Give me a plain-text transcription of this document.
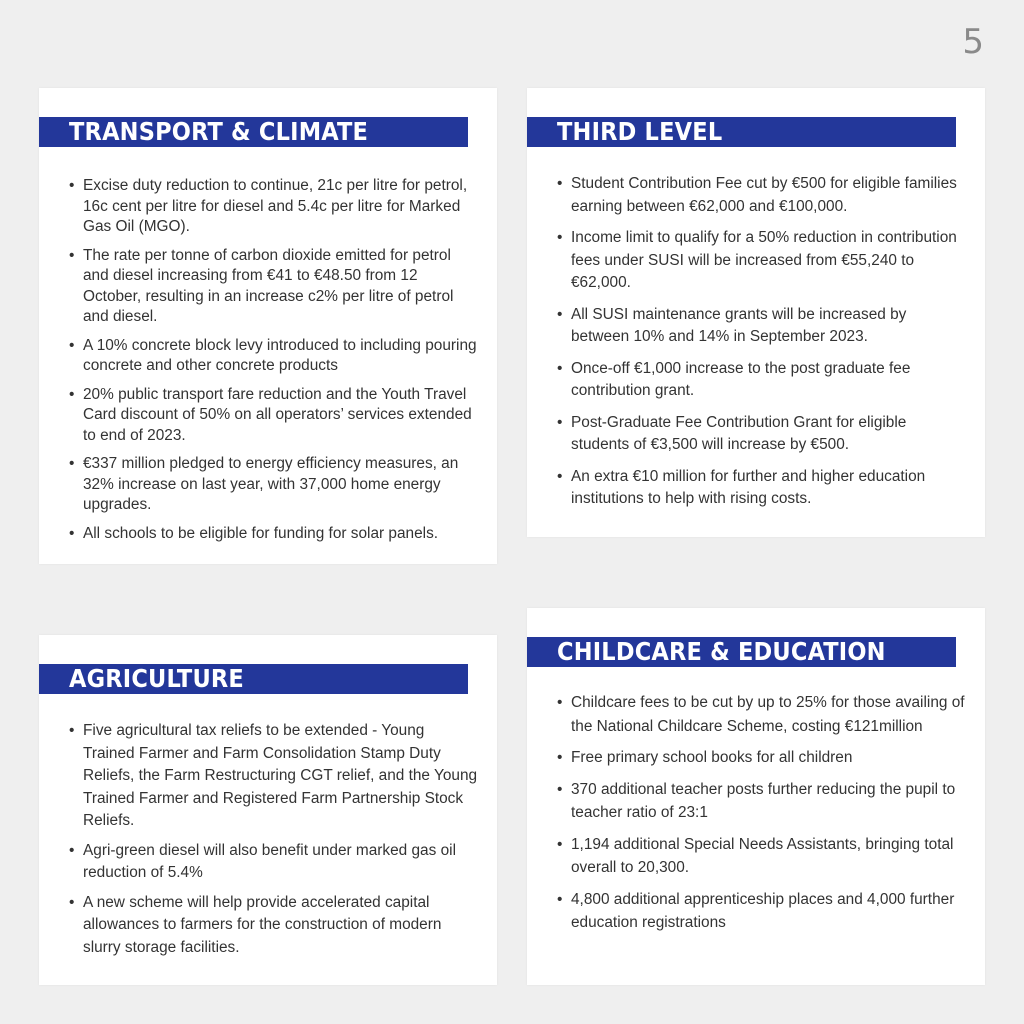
5
TRANSPORT & CLIMATE
• Excise duty reduction to continue, 21c per litre for petrol, 16c cent per litre for diesel and 5.4c per litre for Marked Gas Oil (MGO).
• The rate per tonne of carbon dioxide emitted for petrol and diesel increasing from €41 to €48.50 from 12 October, resulting in an increase c2% per litre of petrol and diesel.
• A 10% concrete block levy introduced to including pouring concrete and other concrete products
• 20% public transport fare reduction and the Youth Travel Card discount of 50% on all operators’ services extended to end of 2023.
• €337 million pledged to energy efficiency measures, an 32% increase on last year, with 37,000 home energy upgrades.
• All schools to be eligible for funding for solar panels.
THIRD LEVEL
• Student Contribution Fee cut by €500 for eligible families earning between €62,000 and €100,000.
• Income limit to qualify for a 50% reduction in contribution fees under SUSI will be increased from €55,240 to €62,000.
• All SUSI maintenance grants will be increased by between 10% and 14% in September 2023.
• Once-off €1,000 increase to the post graduate fee contribution grant.
• Post-Graduate Fee Contribution Grant for eligible students of €3,500 will increase by €500.
• An extra €10 million for further and higher education institutions to help with rising costs.
AGRICULTURE
• Five agricultural tax reliefs to be extended - Young Trained Farmer and Farm Consolidation Stamp Duty Reliefs, the Farm Restructuring CGT relief, and the Young Trained Farmer and Registered Farm Partnership Stock Reliefs.
• Agri-green diesel will also benefit under marked gas oil reduction of 5.4%
• A new scheme will help provide accelerated capital allowances to farmers for the construction of modern slurry storage facilities.
CHILDCARE & EDUCATION
• Childcare fees to be cut by up to 25% for those availing of the National Childcare Scheme, costing €121million
• Free primary school books for all children
• 370 additional teacher posts further reducing the pupil to teacher ratio of 23:1
• 1,194 additional Special Needs Assistants, bringing total overall to 20,300.
• 4,800 additional apprenticeship places and 4,000 further education registrations
